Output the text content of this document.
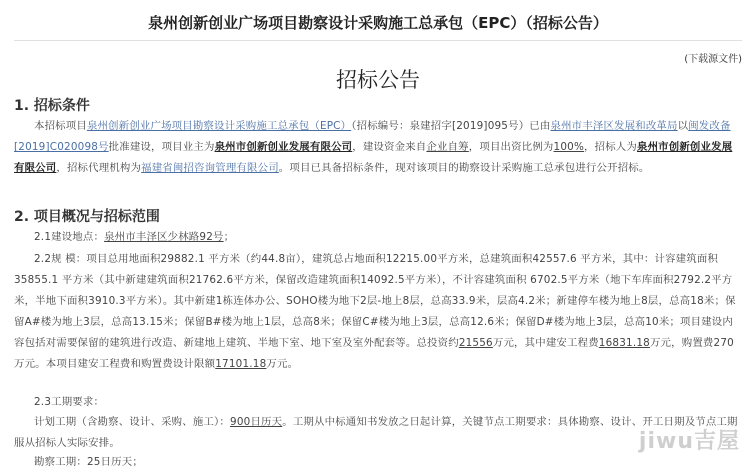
泉州创新创业广场项目勘察设计采购施工总承包（EPC）（招标公告）
(下载源文件)
招标公告
1. 招标条件
本招标项目泉州创新创业广场项目勘察设计采购施工总承包（EPC）（招标编号：泉建招字[2019]095号）已由泉州市丰泽区发展和改革局以闽发改备[2019]C020098号批准建设，项目业主为泉州市创新创业发展有限公司，建设资金来自企业自筹，项目出资比例为100%，招标人为泉州市创新创业发展有限公司，招标代理机构为福建省闽招咨询管理有限公司。项目已具备招标条件，现对该项目的勘察设计采购施工总承包进行公开招标。
2. 项目概况与招标范围
2.1建设地点：泉州市丰泽区少林路92号；
2.2规 模：项目总用地面积29882.1 平方米（约44.8亩），建筑总占地面积12215.00平方米，总建筑面积42557.6 平方米，其中：计容建筑面积35855.1 平方米（其中新建建筑面积21762.6平方米，保留改造建筑面积14092.5平方米），不计容建筑面积 6702.5平方米（地下车库面积2792.2平方米，半地下面积3910.3平方米）。其中新建1栋连体办公、SOHO楼为地下2层-地上8层，总高33.9米，层高4.2米；新建停车楼为地上8层，总高18米；保留A#楼为地上3层，总高13.15米；保留B#楼为地上1层，总高8米；保留C#楼为地上3层，总高12.6米；保留D#楼为地上3层，总高10米；项目建设内容包括对需要保留的建筑进行改造、新建地上建筑、半地下室、地下室及室外配套等。总投资约21556万元，其中建安工程费16831.18万元，购置费270万元。本项目建安工程费和购置费设计限额17101.18万元。
2.3工期要求：
计划工期（含勘察、设计、采购、施工）：900日历天。工期从中标通知书发放之日起计算，关键节点工期要求：具体勘察、设计、开工日期及节点工期服从招标人实际安排。
勘察工期：25日历天；
jiwu吉屋
